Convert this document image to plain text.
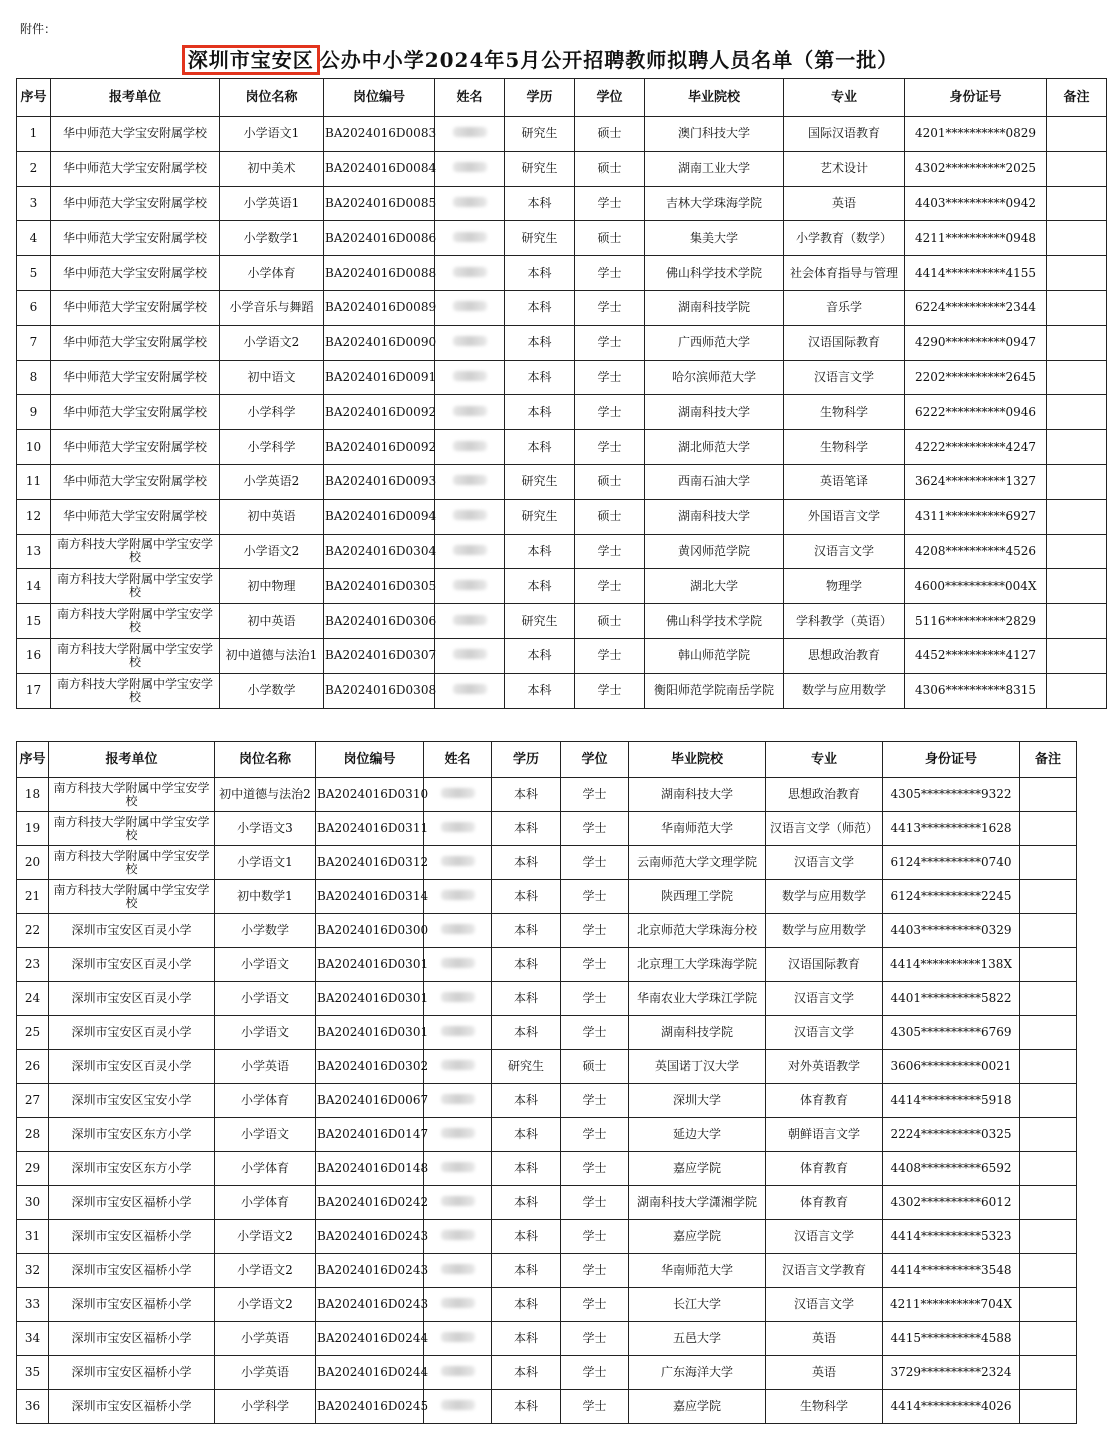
附件：
深圳市宝安区 公办中小学2024年5月公开招聘教师拟聘人员名单（第一批）
序号	报考单位	岗位名称	岗位编号	姓名	学历	学位	毕业院校	专业	身份证号	备注
1	华中师范大学宝安附属学校	小学语文1	BA2024016D0083		研究生	硕士	澳门科技大学	国际汉语教育	4201**********0829	
2	华中师范大学宝安附属学校	初中美术	BA2024016D0084		研究生	硕士	湖南工业大学	艺术设计	4302**********2025	
3	华中师范大学宝安附属学校	小学英语1	BA2024016D0085		本科	学士	吉林大学珠海学院	英语	4403**********0942	
4	华中师范大学宝安附属学校	小学数学1	BA2024016D0086		研究生	硕士	集美大学	小学教育（数学）	4211**********0948	
5	华中师范大学宝安附属学校	小学体育	BA2024016D0088		本科	学士	佛山科学技术学院	社会体育指导与管理	4414**********4155	
6	华中师范大学宝安附属学校	小学音乐与舞蹈	BA2024016D0089		本科	学士	湖南科技学院	音乐学	6224**********2344	
7	华中师范大学宝安附属学校	小学语文2	BA2024016D0090		本科	学士	广西师范大学	汉语国际教育	4290**********0947	
8	华中师范大学宝安附属学校	初中语文	BA2024016D0091		本科	学士	哈尔滨师范大学	汉语言文学	2202**********2645	
9	华中师范大学宝安附属学校	小学科学	BA2024016D0092		本科	学士	湖南科技大学	生物科学	6222**********0946	
10	华中师范大学宝安附属学校	小学科学	BA2024016D0092		本科	学士	湖北师范大学	生物科学	4222**********4247	
11	华中师范大学宝安附属学校	小学英语2	BA2024016D0093		研究生	硕士	西南石油大学	英语笔译	3624**********1327	
12	华中师范大学宝安附属学校	初中英语	BA2024016D0094		研究生	硕士	湖南科技大学	外国语言文学	4311**********6927	
13	南方科技大学附属中学宝安学校	小学语文2	BA2024016D0304		本科	学士	黄冈师范学院	汉语言文学	4208**********4526	
14	南方科技大学附属中学宝安学校	初中物理	BA2024016D0305		本科	学士	湖北大学	物理学	4600**********004X	
15	南方科技大学附属中学宝安学校	初中英语	BA2024016D0306		研究生	硕士	佛山科学技术学院	学科教学（英语）	5116**********2829	
16	南方科技大学附属中学宝安学校	初中道德与法治1	BA2024016D0307		本科	学士	韩山师范学院	思想政治教育	4452**********4127	
17	南方科技大学附属中学宝安学校	小学数学	BA2024016D0308		本科	学士	衡阳师范学院南岳学院	数学与应用数学	4306**********8315	
序号	报考单位	岗位名称	岗位编号	姓名	学历	学位	毕业院校	专业	身份证号	备注
18	南方科技大学附属中学宝安学校	初中道德与法治2	BA2024016D0310		本科	学士	湖南科技大学	思想政治教育	4305**********9322	
19	南方科技大学附属中学宝安学校	小学语文3	BA2024016D0311		本科	学士	华南师范大学	汉语言文学（师范）	4413**********1628	
20	南方科技大学附属中学宝安学校	小学语文1	BA2024016D0312		本科	学士	云南师范大学文理学院	汉语言文学	6124**********0740	
21	南方科技大学附属中学宝安学校	初中数学1	BA2024016D0314		本科	学士	陕西理工学院	数学与应用数学	6124**********2245	
22	深圳市宝安区百灵小学	小学数学	BA2024016D0300		本科	学士	北京师范大学珠海分校	数学与应用数学	4403**********0329	
23	深圳市宝安区百灵小学	小学语文	BA2024016D0301		本科	学士	北京理工大学珠海学院	汉语国际教育	4414**********138X	
24	深圳市宝安区百灵小学	小学语文	BA2024016D0301		本科	学士	华南农业大学珠江学院	汉语言文学	4401**********5822	
25	深圳市宝安区百灵小学	小学语文	BA2024016D0301		本科	学士	湖南科技学院	汉语言文学	4305**********6769	
26	深圳市宝安区百灵小学	小学英语	BA2024016D0302		研究生	硕士	英国诺丁汉大学	对外英语教学	3606**********0021	
27	深圳市宝安区宝安小学	小学体育	BA2024016D0067		本科	学士	深圳大学	体育教育	4414**********5918	
28	深圳市宝安区东方小学	小学语文	BA2024016D0147		本科	学士	延边大学	朝鲜语言文学	2224**********0325	
29	深圳市宝安区东方小学	小学体育	BA2024016D0148		本科	学士	嘉应学院	体育教育	4408**********6592	
30	深圳市宝安区福桥小学	小学体育	BA2024016D0242		本科	学士	湖南科技大学潇湘学院	体育教育	4302**********6012	
31	深圳市宝安区福桥小学	小学语文2	BA2024016D0243		本科	学士	嘉应学院	汉语言文学	4414**********5323	
32	深圳市宝安区福桥小学	小学语文2	BA2024016D0243		本科	学士	华南师范大学	汉语言文学教育	4414**********3548	
33	深圳市宝安区福桥小学	小学语文2	BA2024016D0243		本科	学士	长江大学	汉语言文学	4211**********704X	
34	深圳市宝安区福桥小学	小学英语	BA2024016D0244		本科	学士	五邑大学	英语	4415**********4588	
35	深圳市宝安区福桥小学	小学英语	BA2024016D0244		本科	学士	广东海洋大学	英语	3729**********2324	
36	深圳市宝安区福桥小学	小学科学	BA2024016D0245		本科	学士	嘉应学院	生物科学	4414**********4026	
